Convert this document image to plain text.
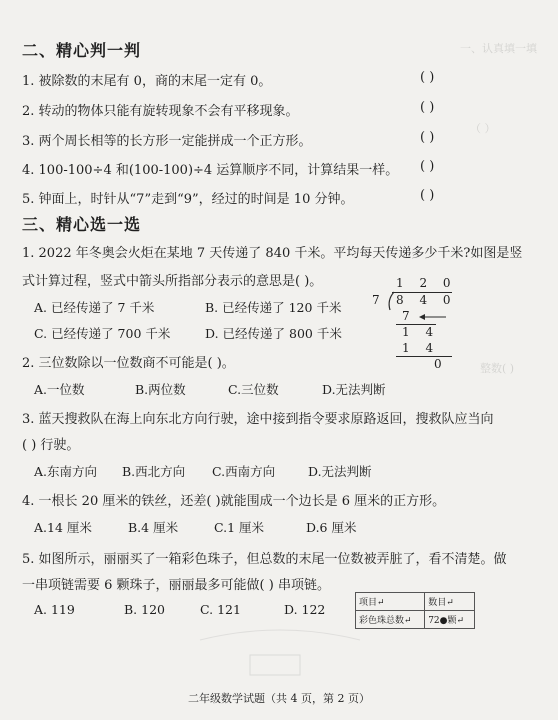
一、认真填一填
（ ）
整数( )
二、精心判一判
1. 被除数的末尾有 0，商的末尾一定有 0。	( )
2. 转动的物体只能有旋转现象不会有平移现象。	( )
3. 两个周长相等的长方形一定能拼成一个正方形。	( )
4. 100-100÷4 和(100-100)÷4 运算顺序不同，计算结果一样。 ( )
5. 钟面上，时针从“7”走到“9”，经过的时间是 10 分钟。	( )
三、精心选一选
1. 2022 年冬奥会火炬在某地 7 天传递了 840 千米。平均每天传递多少千米?如图是竖
式计算过程，竖式中箭头所指部分表示的意思是( )。
A. 已经传递了 7 千米	B. 已经传递了 120 千米
C. 已经传递了 700 千米	D. 已经传递了 800 千米
1 2 0
7 8 4 0
7
1 4
1 4
0
2. 三位数除以一位数商不可能是( )。
A.一位数	B.两位数	C.三位数	D.无法判断
3. 蓝天搜救队在海上向东北方向行驶，途中接到指令要求原路返回，搜救队应当向
( ) 行驶。
A.东南方向 B.西北方向 C.西南方向	D.无法判断
4. 一根长 20 厘米的铁丝，还差( )就能围成一个边长是 6 厘米的正方形。
A.14 厘米	B.4 厘米	C.1 厘米	D.6 厘米
5. 如图所示，丽丽买了一箱彩色珠子，但总数的末尾一位数被弄脏了，看不清楚。做
一串项链需要 6 颗珠子，丽丽最多可能做( ) 串项链。
A. 119	B. 120	C. 121	D. 122	项目↵	数目↵
彩色珠总数↵	72●颗↵
二年级数学试题（共 4 页，第 2 页）
